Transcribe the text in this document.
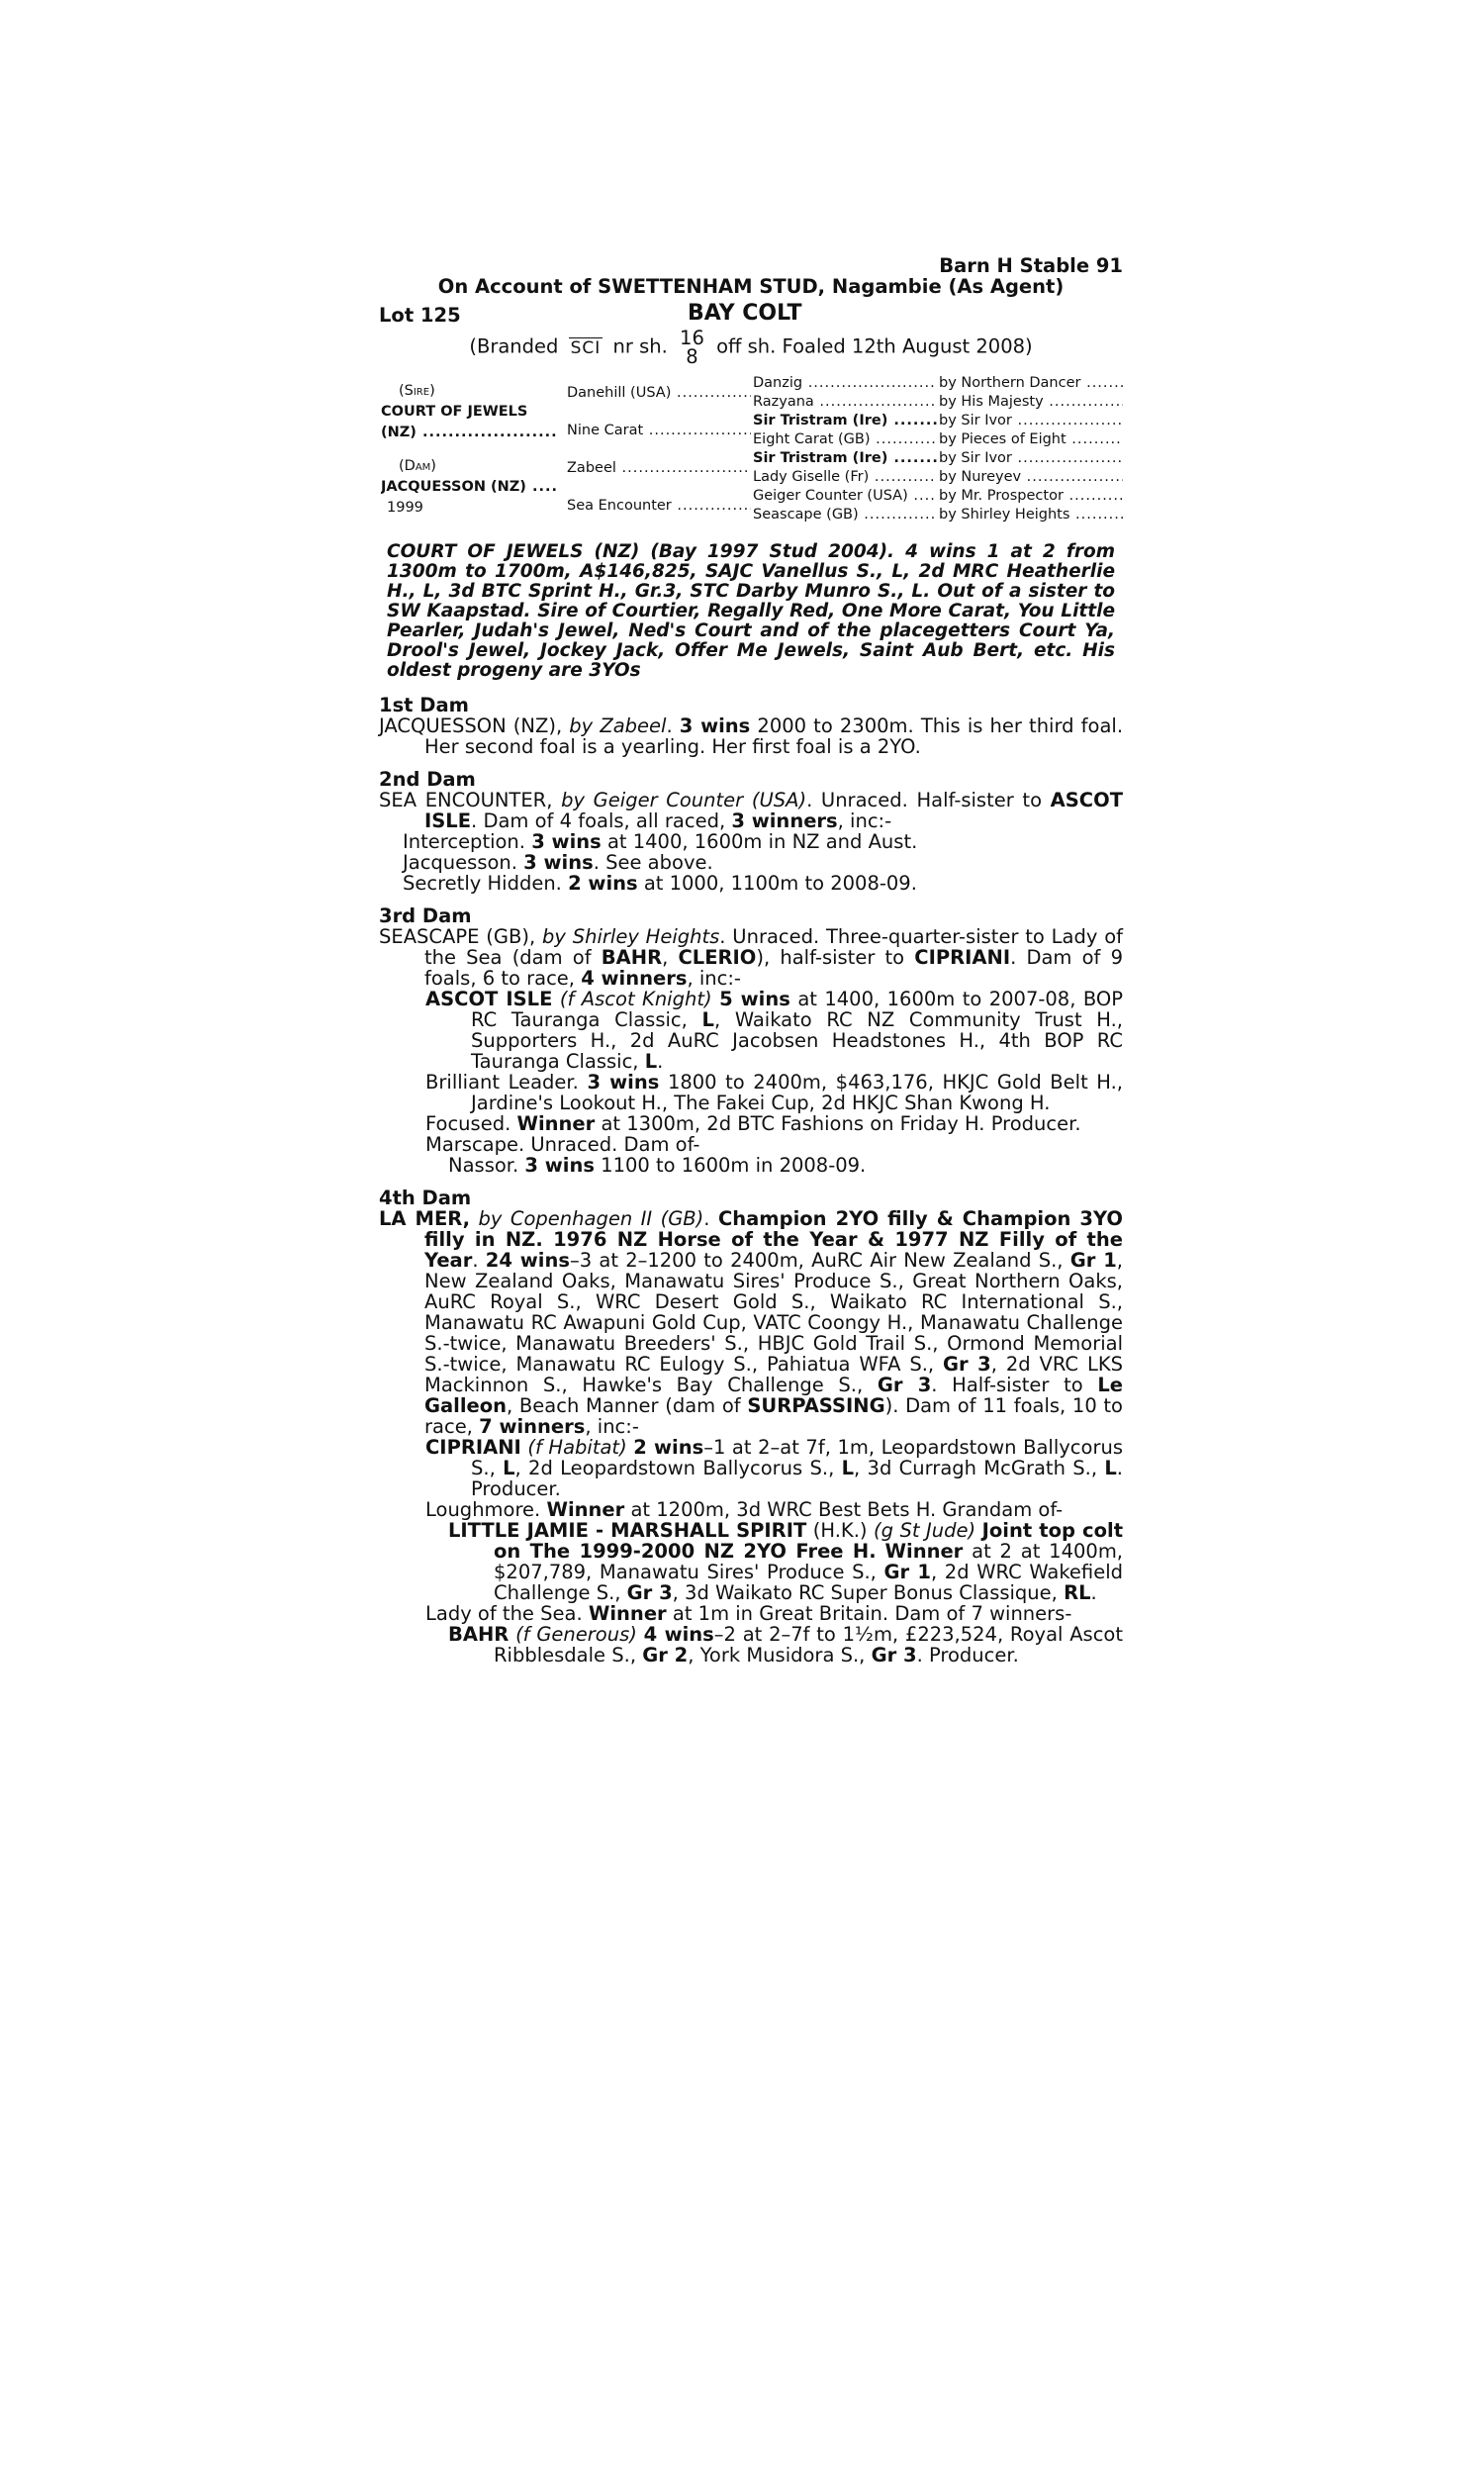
Barn H Stable 91
On Account of SWETTENHAM STUD, Nagambie (As Agent)
Lot 125	BAY COLT
(Branded SCI nr sh. 16
8 off sh. Foaled 12th August 2008)
(Sire)
COURT OF JEWELS
(NZ) .....	Danehill (USA) .....	Danzig .....	by Northern Dancer .....
		Razyana .....	by His Majesty .....
	Nine Carat .....	Sir Tristram (Ire) .....	by Sir Ivor .....
		Eight Carat (GB) .....	by Pieces of Eight .....

(Dam)
JACQUESSON (NZ) .....
1999	Zabeel .....	Sir Tristram (Ire) .....	by Sir Ivor .....
		Lady Giselle (Fr) .....	by Nureyev .....
	Sea Encounter .....	Geiger Counter (USA) .....	by Mr. Prospector .....
		Seascape (GB) .....	by Shirley Heights .....
COURT OF JEWELS (NZ) (Bay 1997 Stud 2004). 4 wins 1 at 2 from 1300m to 1700m, A$146,825, SAJC Vanellus S., L, 2d MRC Heatherlie H., L, 3d BTC Sprint H., Gr.3, STC Darby Munro S., L. Out of a sister to SW Kaapstad. Sire of Courtier, Regally Red, One More Carat, You Little Pearler, Judah's Jewel, Ned's Court and of the placegetters Court Ya, Drool's Jewel, Jockey Jack, Offer Me Jewels, Saint Aub Bert, etc. His oldest progeny are 3YOs
1st Dam

JACQUESSON (NZ), by Zabeel. 3 wins 2000 to 2300m. This is her third foal. Her second foal is a yearling. Her first foal is a 2YO.

2nd Dam

SEA ENCOUNTER, by Geiger Counter (USA). Unraced. Half-sister to ASCOT ISLE. Dam of 4 foals, all raced, 3 winners, inc:-

Interception. 3 wins at 1400, 1600m in NZ and Aust.

Jacquesson. 3 wins. See above.

Secretly Hidden. 2 wins at 1000, 1100m to 2008-09.

3rd Dam

SEASCAPE (GB), by Shirley Heights. Unraced. Three-quarter-sister to Lady of the Sea (dam of BAHR, CLERIO), half-sister to CIPRIANI. Dam of 9 foals, 6 to race, 4 winners, inc:-

ASCOT ISLE (f Ascot Knight) 5 wins at 1400, 1600m to 2007-08, BOP RC Tauranga Classic, L, Waikato RC NZ Community Trust H., Supporters H., 2d AuRC Jacobsen Headstones H., 4th BOP RC Tauranga Classic, L.

Brilliant Leader. 3 wins 1800 to 2400m, $463,176, HKJC Gold Belt H., Jardine's Lookout H., The Fakei Cup, 2d HKJC Shan Kwong H.

Focused. Winner at 1300m, 2d BTC Fashions on Friday H. Producer.

Marscape. Unraced. Dam of-

Nassor. 3 wins 1100 to 1600m in 2008-09.

4th Dam

LA MER, by Copenhagen II (GB). Champion 2YO filly & Champion 3YO filly in NZ. 1976 NZ Horse of the Year & 1977 NZ Filly of the Year. 24 wins–3 at 2–1200 to 2400m, AuRC Air New Zealand S., Gr 1, New Zealand Oaks, Manawatu Sires' Produce S., Great Northern Oaks, AuRC Royal S., WRC Desert Gold S., Waikato RC International S., Manawatu RC Awapuni Gold Cup, VATC Coongy H., Manawatu Challenge S.-twice, Manawatu Breeders' S., HBJC Gold Trail S., Ormond Memorial S.-twice, Manawatu RC Eulogy S., Pahiatua WFA S., Gr 3, 2d VRC LKS Mackinnon S., Hawke's Bay Challenge S., Gr 3. Half-sister to Le Galleon, Beach Manner (dam of SURPASSING). Dam of 11 foals, 10 to race, 7 winners, inc:-

CIPRIANI (f Habitat) 2 wins–1 at 2–at 7f, 1m, Leopardstown Ballycorus S., L, 2d Leopardstown Ballycorus S., L, 3d Curragh McGrath S., L. Producer.

Loughmore. Winner at 1200m, 3d WRC Best Bets H. Grandam of-

LITTLE JAMIE - MARSHALL SPIRIT (H.K.) (g St Jude) Joint top colt on The 1999-2000 NZ 2YO Free H. Winner at 2 at 1400m, $207,789, Manawatu Sires' Produce S., Gr 1, 2d WRC Wakefield Challenge S., Gr 3, 3d Waikato RC Super Bonus Classique, RL.

Lady of the Sea. Winner at 1m in Great Britain. Dam of 7 winners-

BAHR (f Generous) 4 wins–2 at 2–7f to 1½m, £223,524, Royal Ascot Ribblesdale S., Gr 2, York Musidora S., Gr 3. Producer.
